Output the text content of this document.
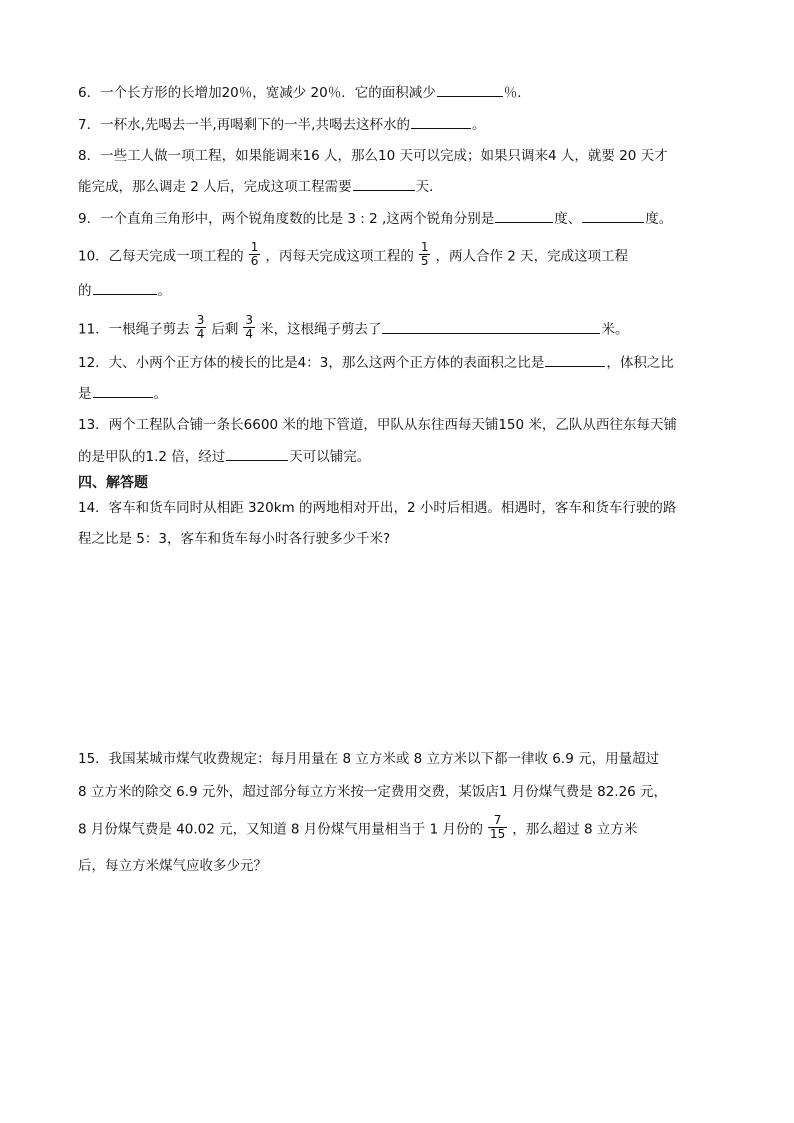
6．一个长方形的长增加20％，宽减少 20％．它的面积减少	％．
7．一杯水,先喝去一半,再喝剩下的一半,共喝去这杯水的	。
8．一些工人做一项工程，如果能调来16 人，那么10 天可以完成；如果只调来4 人，就要 20 天才
能完成，那么调走 2 人后，完成这项工程需要	天．
9．一个直角三角形中，两个锐角度数的比是 3 : 2 ,这两个锐角分别是	度、	度。
10．乙每天完成一项工程的 $\frac{1}{6}$ ，丙每天完成这项工程的 $\frac{1}{5}$ ，两人合作 2 天，完成这项工程
的	。
11．一根绳子剪去 $\frac{3}{4}$ 后剩 $\frac{3}{4}$ 米，这根绳子剪去了	米。
12．大、小两个正方体的棱长的比是4：3，那么这两个正方体的表面积之比是	，体积之比
是	。
13．两个工程队合铺一条长6600 米的地下管道，甲队从东往西每天铺150 米，乙队从西往东每天铺
的是甲队的1.2 倍，经过	天可以铺完。
四、解答题
14．客车和货车同时从相距 320km 的两地相对开出，2 小时后相遇。相遇时，客车和货车行驶的路
程之比是 5：3，客车和货车每小时各行驶多少千米?
15．我国某城市煤气收费规定：每月用量在 8 立方米或 8 立方米以下都一律收 6.9 元，用量超过
8 立方米的除交 6.9 元外，超过部分每立方米按一定费用交费，某饭店1 月份煤气费是 82.26 元，
8 月份煤气费是 40.02 元，又知道 8 月份煤气用量相当于 1 月份的 $\frac{7}{15}$ ，那么超过 8 立方米
后，每立方米煤气应收多少元？
